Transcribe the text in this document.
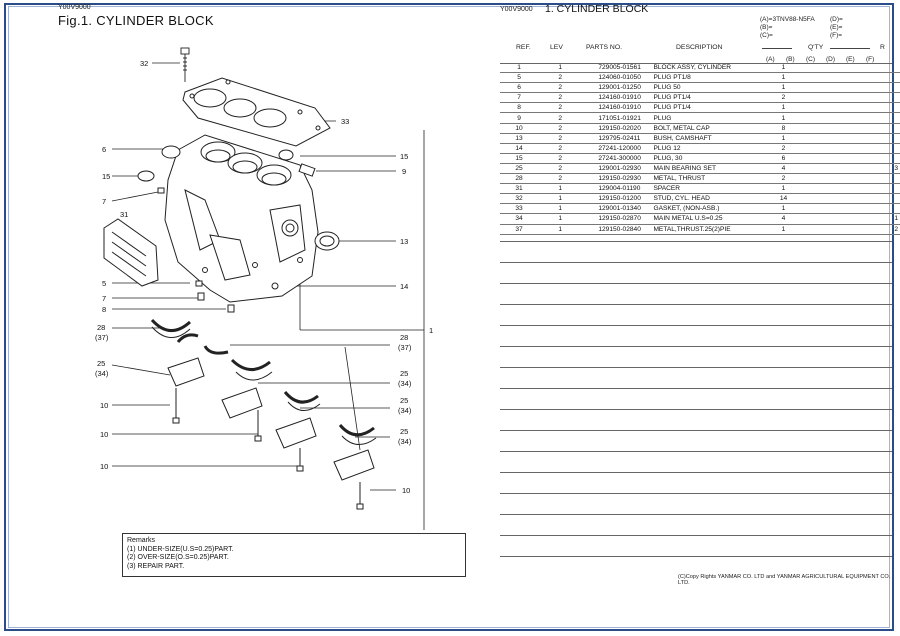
Y00V9000
Fig.1. CYLINDER BLOCK
32
33
6
15
15
9
7
31
13
5
7
8
14
1
28
(37)
25
(34)
28
(37)
25
(34)
25
(34)
25
(34)
10
10
10
10
Remarks
(1) UNDER-SIZE(U.S=0.25)PART.
(2) OVER-SIZE(O.S=0.25)PART.
(3) REPAIR PART.
Y00V9000 1. CYLINDER BLOCK
(A)=3TNV88-N5FA
(B)=
(C)=
(D)=
(E)=
(F)=
REF.	LEV	PARTS NO.	DESCRIPTION	Q'TY	R
(A) (B) (C) (D) (E) (F)
1	1	729005-01561	BLOCK ASSY, CYLINDER	1		
5	2	124060-01050	PLUG PT1/8	1		
6	2	129001-01250	PLUG 50	1		
7	2	124160-01910	PLUG PT1/4	2		
8	2	124160-01910	PLUG PT1/4	1		
9	2	171051-01921	PLUG	1		
10	2	129150-02020	BOLT, METAL CAP	8		
13	2	129795-02411	BUSH, CAMSHAFT	1		
14	2	27241-120000	PLUG 12	2		
15	2	27241-300000	PLUG, 30	6		
25	2	129001-02930	MAIN BEARING SET	4		3
28	2	129150-02930	METAL, THRUST	2		
31	1	129004-01190	SPACER	1		
32	1	129150-01200	STUD, CYL. HEAD	14		
33	1	129001-01340	GASKET, (NON-ASB.)	1		
34	1	129150-02870	MAIN METAL U.S=0.25	4		1
37	1	129150-02840	METAL,THRUST.25(2)PIE	1		2
(C)Copy Rights YANMAR CO. LTD and YANMAR AGRICULTURAL EQUIPMENT CO. LTD.
